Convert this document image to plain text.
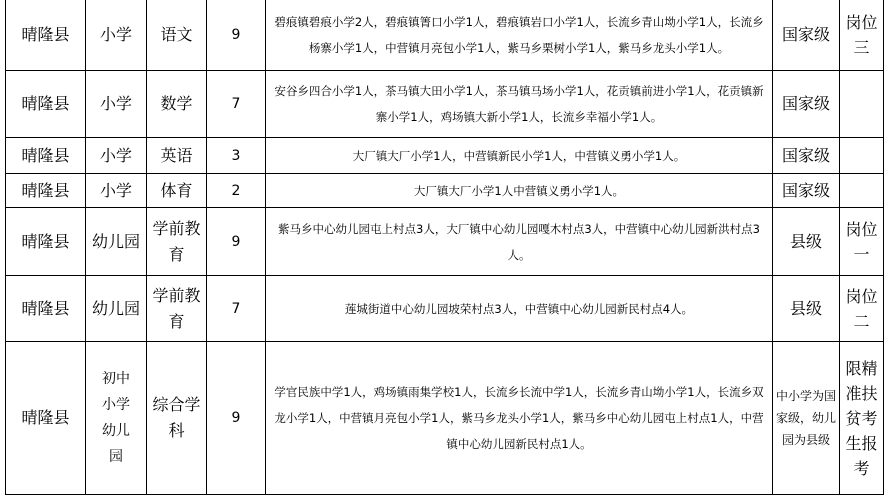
晴隆县	小学	语文	9	碧痕镇碧痕小学2人，碧痕镇箐口小学1人，碧痕镇岩口小学1人，长流乡青山坳小学1人，长流乡杨寨小学1人，中营镇月亮包小学1人，紫马乡栗树小学1人，紫马乡龙头小学1人。	国家级	岗位三
晴隆县	小学	数学	7	安谷乡四合小学1人，茶马镇大田小学1人，茶马镇马场小学1人，花贡镇前进小学1人，花贡镇新寨小学1人，鸡场镇大新小学1人，长流乡幸福小学1人。	国家级	
晴隆县	小学	英语	3	大厂镇大厂小学1人，中营镇新民小学1人，中营镇义勇小学1人。	国家级	
晴隆县	小学	体育	2	大厂镇大厂小学1人中营镇义勇小学1人。	国家级	
晴隆县	幼儿园	学前教育	9	紫马乡中心幼儿园屯上村点3人，大厂镇中心幼儿园嘎木村点3人，中营镇中心幼儿园新洪村点3人。	县级	岗位一
晴隆县	幼儿园	学前教育	7	莲城街道中心幼儿园坡荣村点3人，中营镇中心幼儿园新民村点4人。	县级	岗位二
晴隆县	初中小学幼儿园	综合学科	9	学官民族中学1人，鸡场镇雨集学校1人，长流乡长流中学1人，长流乡青山坳小学1人，长流乡双龙小学1人，中营镇月亮包小学1人，紫马乡龙头小学1人，紫马乡中心幼儿园屯上村点1人，中营镇中心幼儿园新民村点1人。	中小学为国家级，幼儿园为县级	限精准扶贫考生报考
